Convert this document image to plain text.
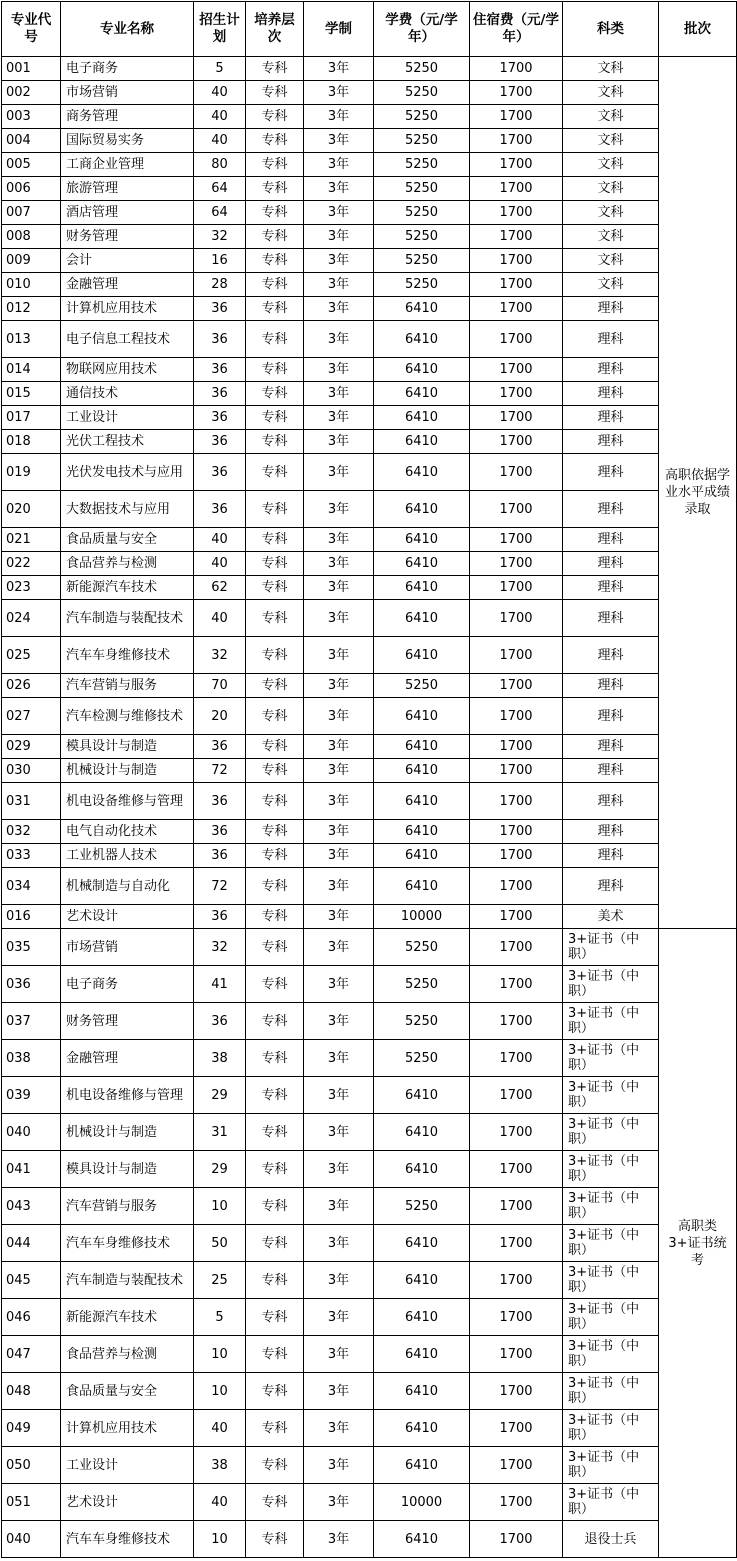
专业代号	专业名称	招生计划	培养层次	学制	学费（元/学年）	住宿费（元/学年）	科类	批次
001	电子商务	5	专科	3年	5250	1700	文科	高职依据学业水平成绩录取
002	市场营销	40	专科	3年	5250	1700	文科	
003	商务管理	40	专科	3年	5250	1700	文科	
004	国际贸易实务	40	专科	3年	5250	1700	文科	
005	工商企业管理	80	专科	3年	5250	1700	文科	
006	旅游管理	64	专科	3年	5250	1700	文科	
007	酒店管理	64	专科	3年	5250	1700	文科	
008	财务管理	32	专科	3年	5250	1700	文科	
009	会计	16	专科	3年	5250	1700	文科	
010	金融管理	28	专科	3年	5250	1700	文科	
012	计算机应用技术	36	专科	3年	6410	1700	理科	
013	电子信息工程技术	36	专科	3年	6410	1700	理科	
014	物联网应用技术	36	专科	3年	6410	1700	理科	
015	通信技术	36	专科	3年	6410	1700	理科	
017	工业设计	36	专科	3年	6410	1700	理科	
018	光伏工程技术	36	专科	3年	6410	1700	理科	
019	光伏发电技术与应用	36	专科	3年	6410	1700	理科	
020	大数据技术与应用	36	专科	3年	6410	1700	理科	
021	食品质量与安全	40	专科	3年	6410	1700	理科	
022	食品营养与检测	40	专科	3年	6410	1700	理科	
023	新能源汽车技术	62	专科	3年	6410	1700	理科	
024	汽车制造与装配技术	40	专科	3年	6410	1700	理科	
025	汽车车身维修技术	32	专科	3年	6410	1700	理科	
026	汽车营销与服务	70	专科	3年	5250	1700	理科	
027	汽车检测与维修技术	20	专科	3年	6410	1700	理科	
029	模具设计与制造	36	专科	3年	6410	1700	理科	
030	机械设计与制造	72	专科	3年	6410	1700	理科	
031	机电设备维修与管理	36	专科	3年	6410	1700	理科	
032	电气自动化技术	36	专科	3年	6410	1700	理科	
033	工业机器人技术	36	专科	3年	6410	1700	理科	
034	机械制造与自动化	72	专科	3年	6410	1700	理科	
016	艺术设计	36	专科	3年	10000	1700	美术	
035	市场营销	32	专科	3年	5250	1700	3+证书（中职）	高职类3+证书统考
036	电子商务	41	专科	3年	5250	1700	3+证书（中职）	
037	财务管理	36	专科	3年	5250	1700	3+证书（中职）	
038	金融管理	38	专科	3年	5250	1700	3+证书（中职）	
039	机电设备维修与管理	29	专科	3年	6410	1700	3+证书（中职）	
040	机械设计与制造	31	专科	3年	6410	1700	3+证书（中职）	
041	模具设计与制造	29	专科	3年	6410	1700	3+证书（中职）	
043	汽车营销与服务	10	专科	3年	5250	1700	3+证书（中职）	
044	汽车车身维修技术	50	专科	3年	6410	1700	3+证书（中职）	
045	汽车制造与装配技术	25	专科	3年	6410	1700	3+证书（中职）	
046	新能源汽车技术	5	专科	3年	6410	1700	3+证书（中职）	
047	食品营养与检测	10	专科	3年	6410	1700	3+证书（中职）	
048	食品质量与安全	10	专科	3年	6410	1700	3+证书（中职）	
049	计算机应用技术	40	专科	3年	6410	1700	3+证书（中职）	
050	工业设计	38	专科	3年	6410	1700	3+证书（中职）	
051	艺术设计	40	专科	3年	10000	1700	3+证书（中职）	
040	汽车车身维修技术	10	专科	3年	6410	1700	退役士兵	
